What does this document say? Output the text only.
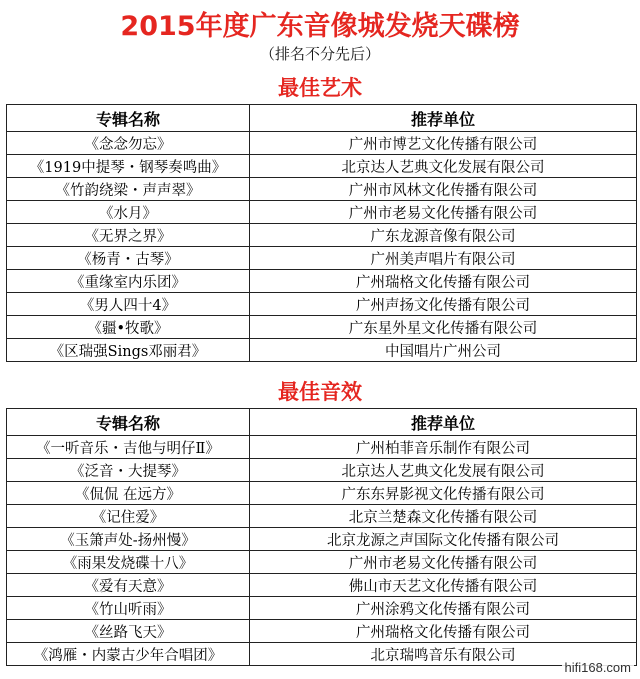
2015年度广东音像城发烧天碟榜
（排名不分先后）
最佳艺术
专辑名称	推荐单位
《念念勿忘》	广州市博艺文化传播有限公司
《1919中提琴・钢琴奏鸣曲》	北京达人艺典文化发展有限公司
《竹韵绕梁・声声翠》	广州市风林文化传播有限公司
《水月》	广州市老易文化传播有限公司
《无界之界》	广东龙源音像有限公司
《杨青・古琴》	广州美声唱片有限公司
《重缘室内乐团》	广州瑞格文化传播有限公司
《男人四十4》	广州声扬文化传播有限公司
《疆•牧歌》	广东星外星文化传播有限公司
《区瑞强Sings邓丽君》	中国唱片广州公司
最佳音效
专辑名称	推荐单位
《一听音乐・吉他与明仔Ⅱ》	广州柏菲音乐制作有限公司
《泛音・大提琴》	北京达人艺典文化发展有限公司
《侃侃 在远方》	广东东昇影视文化传播有限公司
《记住爱》	北京兰楚森文化传播有限公司
《玉箫声处-扬州慢》	北京龙源之声国际文化传播有限公司
《雨果发烧碟十八》	广州市老易文化传播有限公司
《爱有天意》	佛山市天艺文化传播有限公司
《竹山听雨》	广州涂鸦文化传播有限公司
《丝路飞天》	广州瑞格文化传播有限公司
《鸿雁・内蒙古少年合唱团》	北京瑞鸣音乐有限公司
hifi168.com
